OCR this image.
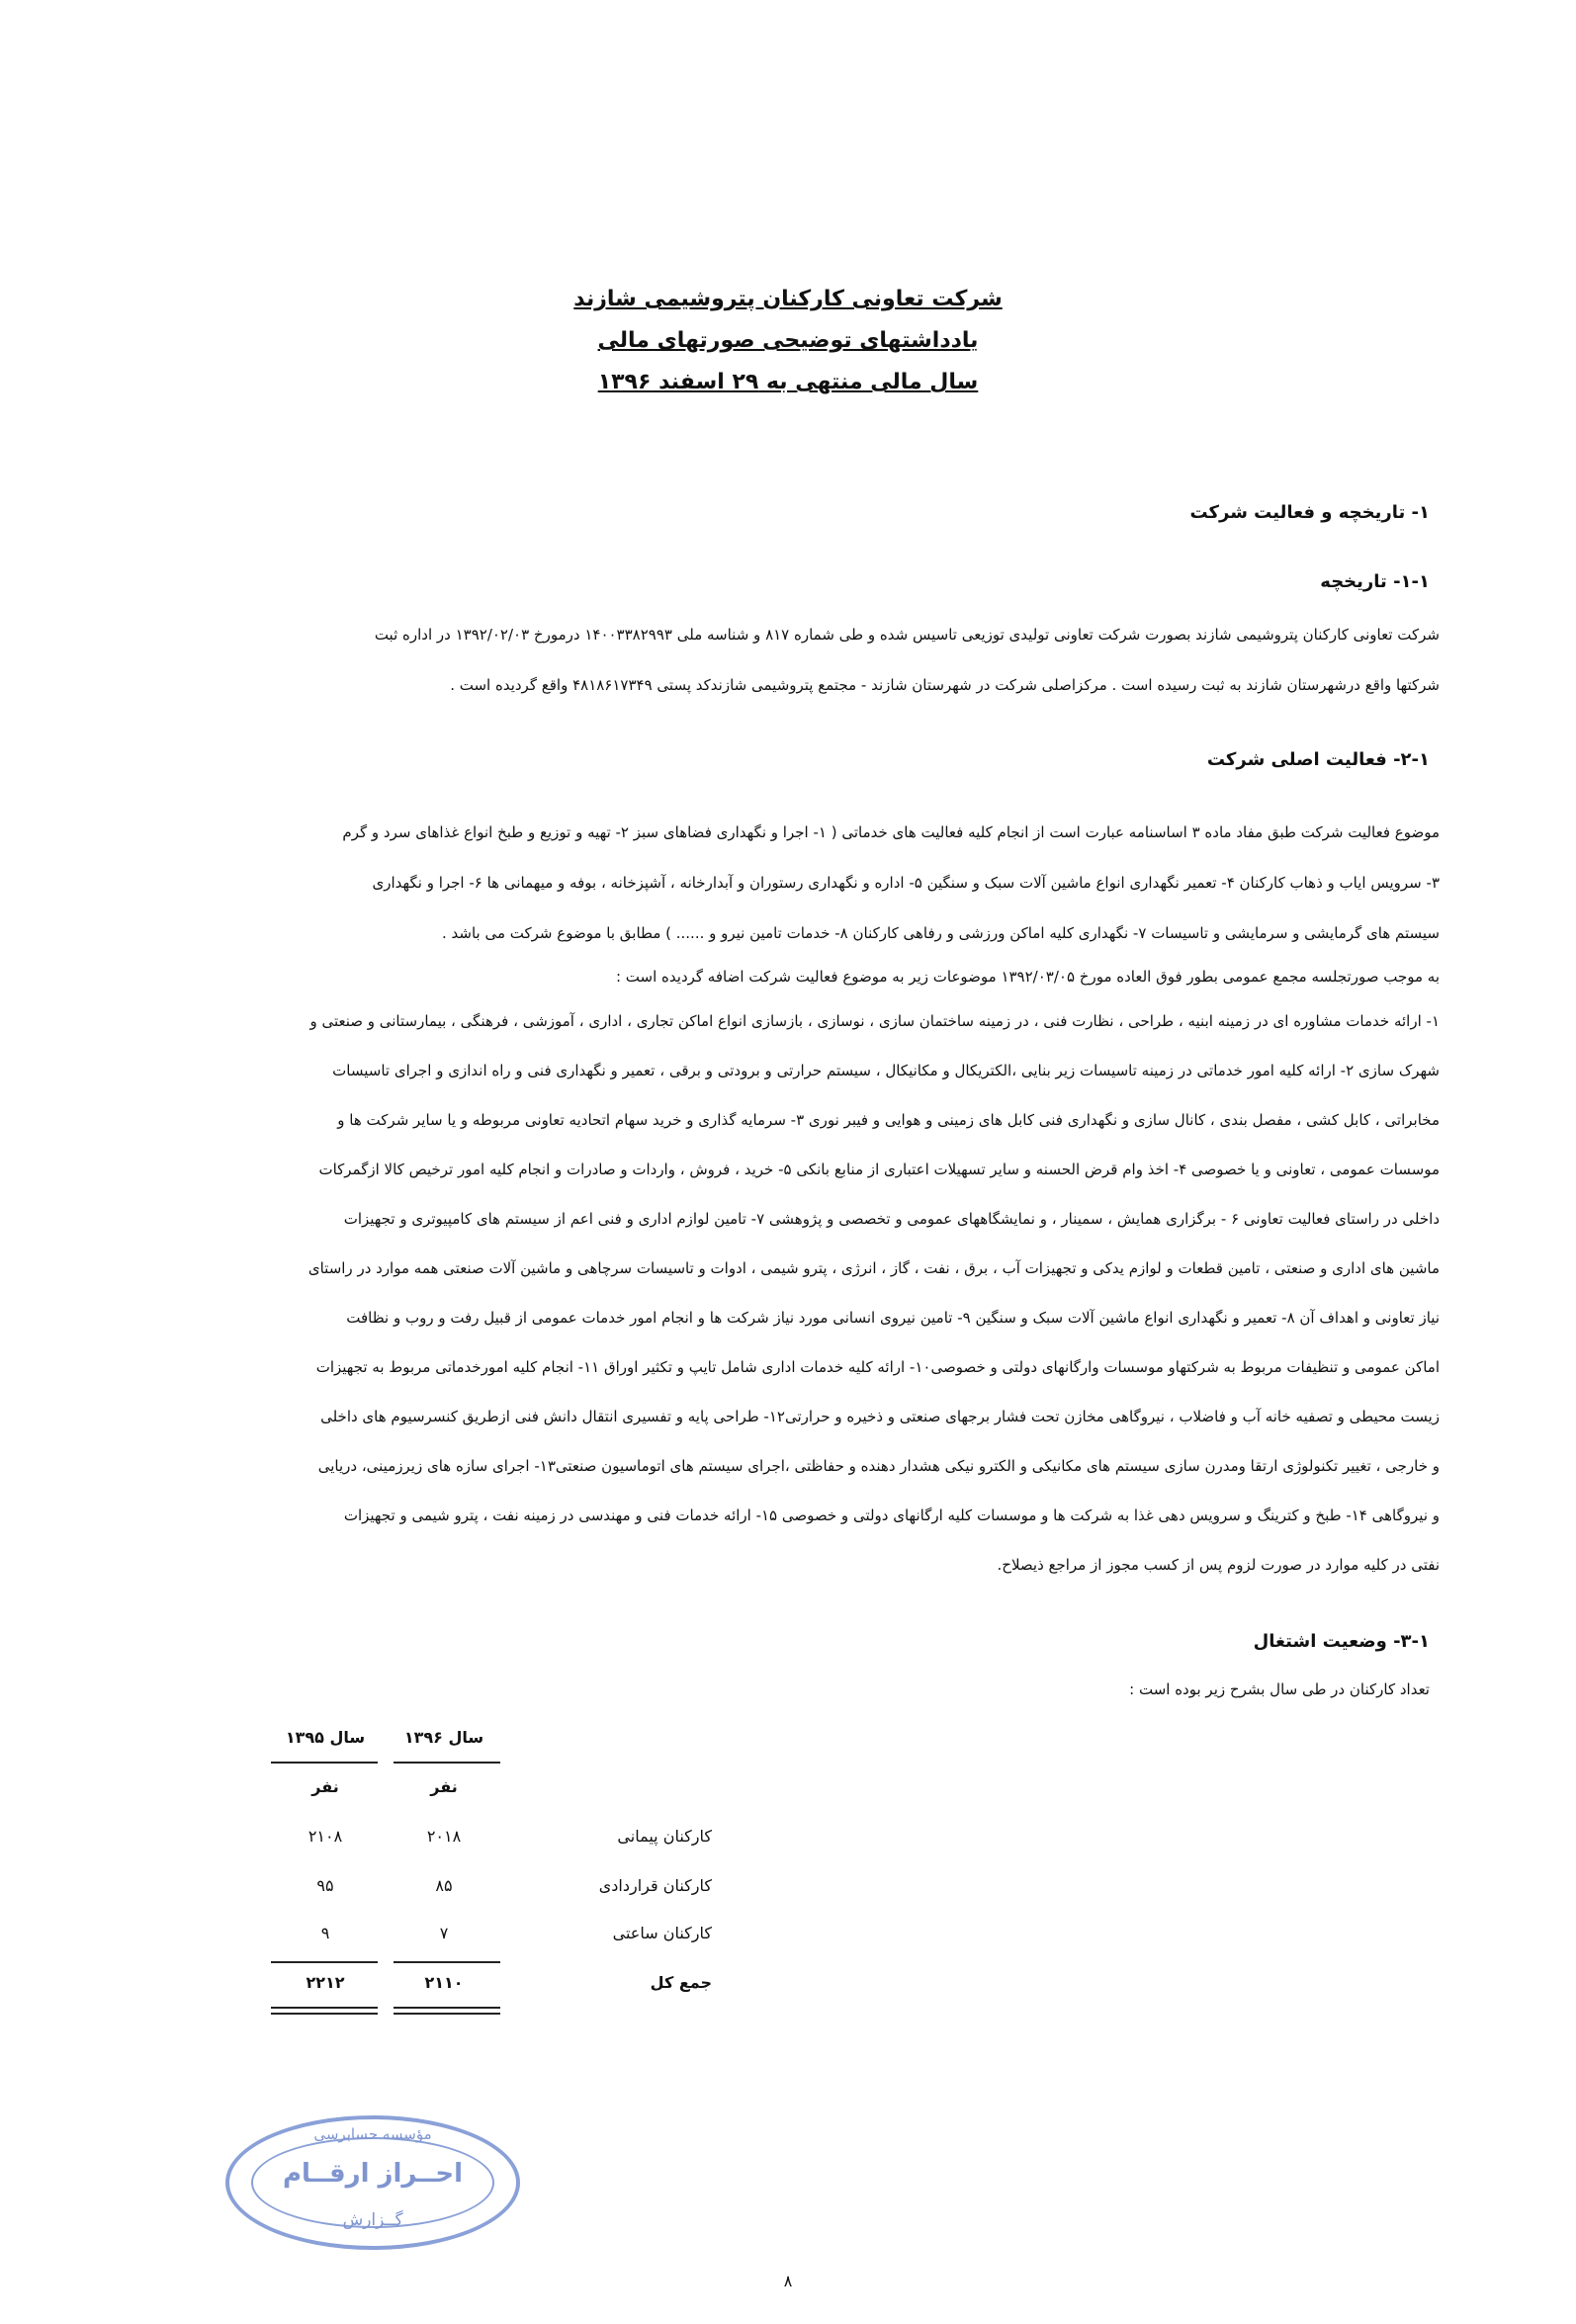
شرکت تعاونی کارکنان پتروشیمی شازند
یادداشتهای توضیحی صورتهای مالی
سال مالی منتهی به ۲۹ اسفند ۱۳۹۶
۱- تاریخچه و فعالیت شرکت
۱-۱- تاریخچه
شرکت تعاونی کارکنان پتروشیمی شازند بصورت شرکت تعاونی تولیدی توزیعی تاسیس شده و طی شماره ۸۱۷ و شناسه ملی ۱۴۰۰۳۳۸۲۹۹۳ درمورخ ۱۳۹۲/۰۲/۰۳ در اداره ثبت
شرکتها واقع درشهرستان شازند به ثبت رسیده است . مرکزاصلی شرکت در شهرستان شازند - مجتمع پتروشیمی شازندکد پستی ۴۸۱۸۶۱۷۳۴۹ واقع گردیده است .
۲-۱- فعالیت اصلی شرکت
موضوع فعالیت شرکت طبق مفاد ماده ۳ اساسنامه عبارت است از انجام کلیه فعالیت های خدماتی ( ۱- اجرا و نگهداری فضاهای سبز ۲- تهیه و توزیع و طبخ انواع غذاهای سرد و گرم
۳- سرویس ایاب و ذهاب کارکنان ۴- تعمیر نگهداری انواع ماشین آلات سبک و سنگین ۵- اداره و نگهداری رستوران و آبدارخانه ، آشپزخانه ، بوفه و میهمانی ها ۶- اجرا و نگهداری
سیستم های گرمایشی و سرمایشی و تاسیسات ۷- نگهداری کلیه اماکن ورزشی و رفاهی کارکنان ۸- خدمات تامین نیرو و ...... ) مطابق با موضوع شرکت می باشد .
به موجب صورتجلسه مجمع عمومی بطور فوق العاده مورخ ۱۳۹۲/۰۳/۰۵ موضوعات زیر به موضوع فعالیت شرکت اضافه گردیده است :
۱- ارائه خدمات مشاوره ای در زمینه ابنیه ، طراحی ، نظارت فنی ، در زمینه ساختمان سازی ، نوسازی ، بازسازی انواع اماکن تجاری ، اداری ، آموزشی ، فرهنگی ، بیمارستانی و صنعتی و
شهرک سازی ۲- ارائه کلیه امور خدماتی در زمینه تاسیسات زیر بنایی ،الکتریکال و مکانیکال ، سیستم حرارتی و برودتی و برقی ، تعمیر و نگهداری فنی و راه اندازی و اجرای تاسیسات
مخابراتی ، کابل کشی ، مفصل بندی ، کانال سازی و نگهداری فنی کابل های زمینی و هوایی و فیبر نوری ۳- سرمایه گذاری و خرید سهام اتحادیه تعاونی مربوطه و یا سایر شرکت ها و
موسسات عمومی ، تعاونی و یا خصوصی ۴- اخذ وام قرض الحسنه و سایر تسهیلات اعتباری از منابع بانکی ۵- خرید ، فروش ، واردات و صادرات و انجام کلیه امور ترخیص کالا ازگمرکات
داخلی در راستای فعالیت تعاونی ۶ - برگزاری همایش ، سمینار ، و نمایشگاههای عمومی و تخصصی و پژوهشی ۷- تامین لوازم اداری و فنی اعم از سیستم های کامپیوتری و تجهیزات
ماشین های اداری و صنعتی ، تامین قطعات و لوازم یدکی و تجهیزات آب ، برق ، نفت ، گاز ، انرژی ، پترو شیمی ، ادوات و تاسیسات سرچاهی و ماشین آلات صنعتی همه موارد در راستای
نیاز تعاونی و اهداف آن ۸- تعمیر و نگهداری انواع ماشین آلات سبک و سنگین ۹- تامین نیروی انسانی مورد نیاز شرکت ها و انجام امور خدمات عمومی از قبیل رفت و روب و نظافت
اماکن عمومی و تنظیفات مربوط به شرکتهاو موسسات وارگانهای دولتی و خصوصی۱۰- ارائه کلیه خدمات اداری شامل تایپ و تکثیر اوراق ۱۱- انجام کلیه امورخدماتی مربوط به تجهیزات
زیست محیطی و تصفیه خانه آب و فاضلاب ، نیروگاهی مخازن تحت فشار برجهای صنعتی و ذخیره و حرارتی۱۲- طراحی پایه و تفسیری انتقال دانش فنی ازطریق کنسرسیوم های داخلی
و خارجی ، تغییر تکنولوژی ارتقا ومدرن سازی سیستم های مکانیکی و الکترو نیکی هشدار دهنده و حفاظتی ،اجرای سیستم های اتوماسیون صنعتی۱۳- اجرای سازه های زیرزمینی، دریایی
و نیروگاهی ۱۴- طبخ و کترینگ و سرویس دهی غذا به شرکت ها و موسسات کلیه ارگانهای دولتی و خصوصی ۱۵- ارائه خدمات فنی و مهندسی در زمینه نفت ، پترو شیمی و تجهیزات
نفتی در کلیه موارد در صورت لزوم پس از کسب مجوز از مراجع ذیصلاح.
۳-۱- وضعیت اشتغال
تعداد کارکنان در طی سال بشرح زیر بوده است :
سال ۱۳۹۶
سال ۱۳۹۵
نفر
نفر
کارکنان پیمانی
۲۰۱۸
۲۱۰۸
کارکنان قراردادی
۸۵
۹۵
کارکنان ساعتی
۷
۹
جمع کل
۲۱۱۰
۲۲۱۲
مؤسسه حسابرسی
احــراز ارقــام
گــزارش
۸
